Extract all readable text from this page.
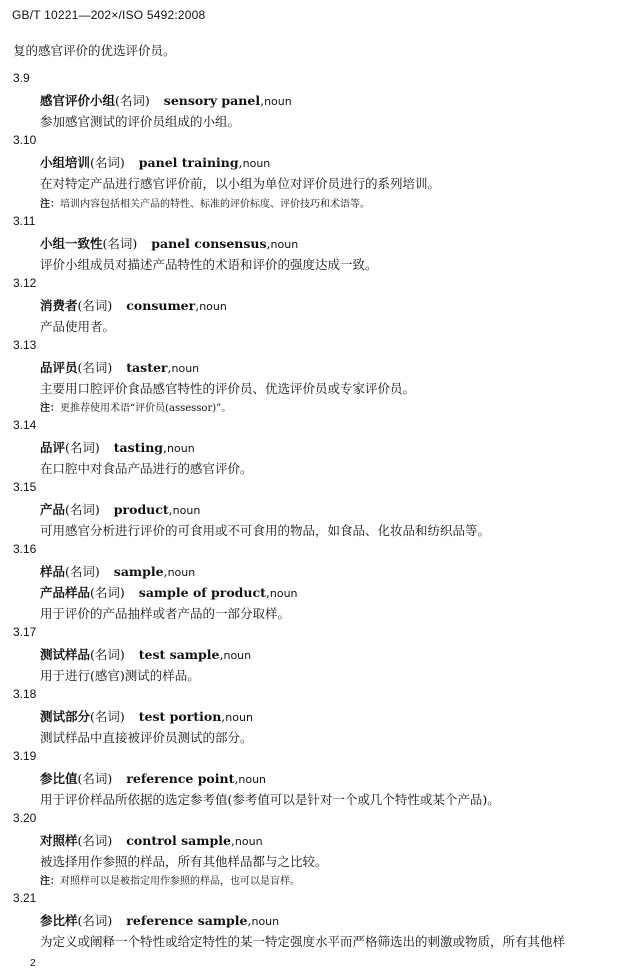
GB/T 10221—202×/ISO 5492:2008
复的感官评价的优选评价员。
3.9
感官评价小组(名词) sensory panel,noun
参加感官测试的评价员组成的小组。
3.10
小组培训(名词) panel training,noun
在对特定产品进行感官评价前，以小组为单位对评价员进行的系列培训。
注：培训内容包括相关产品的特性、标准的评价标度、评价技巧和术语等。
3.11
小组一致性(名词) panel consensus,noun
评价小组成员对描述产品特性的术语和评价的强度达成一致。
3.12
消费者(名词) consumer,noun
产品使用者。
3.13
品评员(名词) taster,noun
主要用口腔评价食品感官特性的评价员、优选评价员或专家评价员。
注：更推荐使用术语“评价员(assessor)”。
3.14
品评(名词) tasting,noun
在口腔中对食品产品进行的感官评价。
3.15
产品(名词) product,noun
可用感官分析进行评价的可食用或不可食用的物品，如食品、化妆品和纺织品等。
3.16
样品(名词) sample,noun
产品样品(名词) sample of product,noun
用于评价的产品抽样或者产品的一部分取样。
3.17
测试样品(名词) test sample,noun
用于进行(感官)测试的样品。
3.18
测试部分(名词) test portion,noun
测试样品中直接被评价员测试的部分。
3.19
参比值(名词) reference point,noun
用于评价样品所依据的选定参考值(参考值可以是针对一个或几个特性或某个产品)。
3.20
对照样(名词) control sample,noun
被选择用作参照的样品，所有其他样品都与之比较。
注：对照样可以是被指定用作参照的样品，也可以是盲样。
3.21
参比样(名词) reference sample,noun
为定义或阐释一个特性或给定特性的某一特定强度水平而严格筛选出的刺激或物质，所有其他样
2
